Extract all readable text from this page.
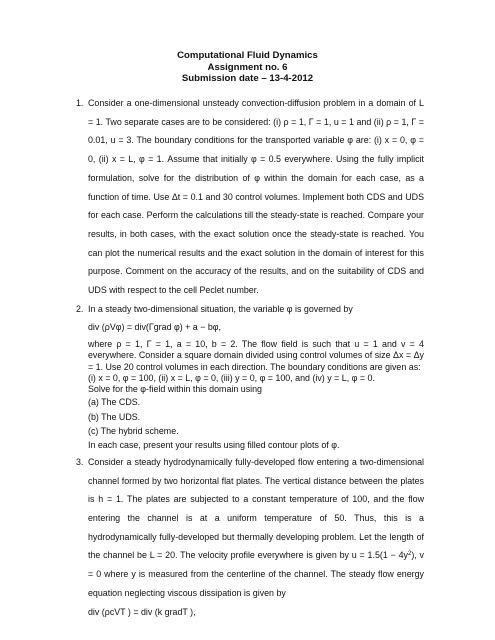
Computational Fluid Dynamics
Assignment no. 6
Submission date – 13-4-2012
1. Consider a one-dimensional unsteady convection-diffusion problem in a domain of L = 1. Two separate cases are to be considered: (i) ρ = 1, Γ = 1, u = 1 and (ii) ρ = 1, Γ = 0.01, u = 3. The boundary conditions for the transported variable φ are: (i) x = 0, φ = 0, (ii) x = L, φ = 1. Assume that initially φ = 0.5 everywhere. Using the fully implicit formulation, solve for the distribution of φ within the domain for each case, as a function of time. Use Δt = 0.1 and 30 control volumes. Implement both CDS and UDS for each case. Perform the calculations till the steady-state is reached. Compare your results, in both cases, with the exact solution once the steady-state is reached. You can plot the numerical results and the exact solution in the domain of interest for this purpose. Comment on the accuracy of the results, and on the suitability of CDS and UDS with respect to the cell Peclet number.
2. In a steady two-dimensional situation, the variable φ is governed by
div (ρVφ) = div(Γgrad φ) + a − bφ,
where ρ = 1, Γ = 1, a = 10, b = 2. The flow field is such that u = 1 and v = 4 everywhere. Consider a square domain divided using control volumes of size Δx = Δy = 1. Use 20 control volumes in each direction. The boundary conditions are given as:
(i) x = 0, φ = 100, (ii) x = L, φ = 0, (iii) y = 0, φ = 100, and (iv) y = L, φ = 0.
Solve for the φ-field within this domain using
(a) The CDS.
(b) The UDS.
(c) The hybrid scheme.
In each case, present your results using filled contour plots of φ.
3. Consider a steady hydrodynamically fully-developed flow entering a two-dimensional channel formed by two horizontal flat plates. The vertical distance between the plates is h = 1. The plates are subjected to a constant temperature of 100, and the flow entering the channel is at a uniform temperature of 50. Thus, this is a hydrodynamically fully-developed but thermally developing problem. Let the length of the channel be L = 20. The velocity profile everywhere is given by $u = 1.5(1 - 4y^2)$, v = 0 where y is measured from the centerline of the channel. The steady flow energy equation neglecting viscous dissipation is given by
div (ρcVT ) = div (k gradT ),
